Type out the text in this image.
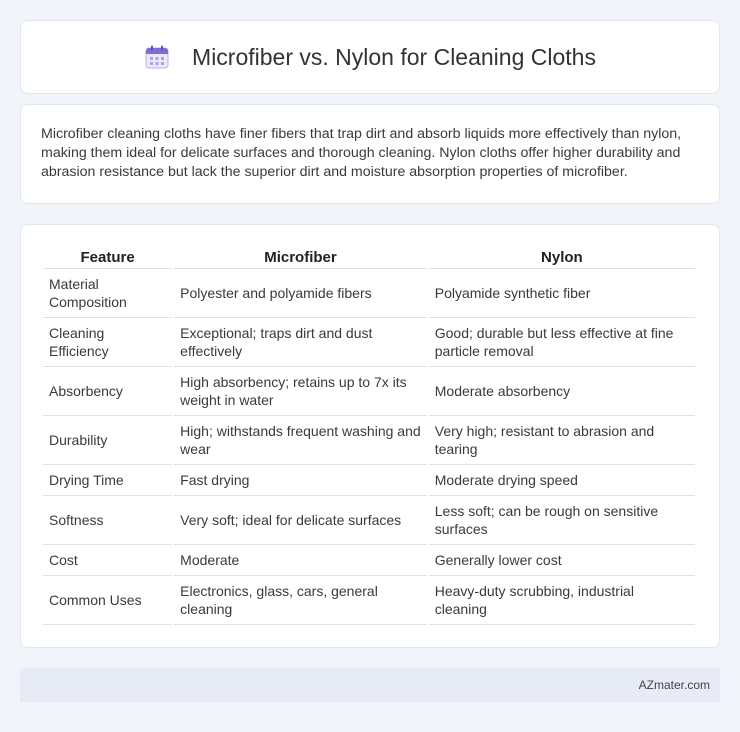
Microfiber vs. Nylon for Cleaning Cloths

Microfiber cleaning cloths have finer fibers that trap dirt and absorb liquids more effectively than nylon, making them ideal for delicate surfaces and thorough cleaning. Nylon cloths offer higher durability and abrasion resistance but lack the superior dirt and moisture absorption properties of microfiber.

Feature	Microfiber	Nylon
Material Composition	Polyester and polyamide fibers	Polyamide synthetic fiber
Cleaning Efficiency	Exceptional; traps dirt and dust effectively	Good; durable but less effective at fine particle removal
Absorbency	High absorbency; retains up to 7x its weight in water	Moderate absorbency
Durability	High; withstands frequent washing and wear	Very high; resistant to abrasion and tearing
Drying Time	Fast drying	Moderate drying speed
Softness	Very soft; ideal for delicate surfaces	Less soft; can be rough on sensitive surfaces
Cost	Moderate	Generally lower cost
Common Uses	Electronics, glass, cars, general cleaning	Heavy-duty scrubbing, industrial cleaning
AZmater.com
